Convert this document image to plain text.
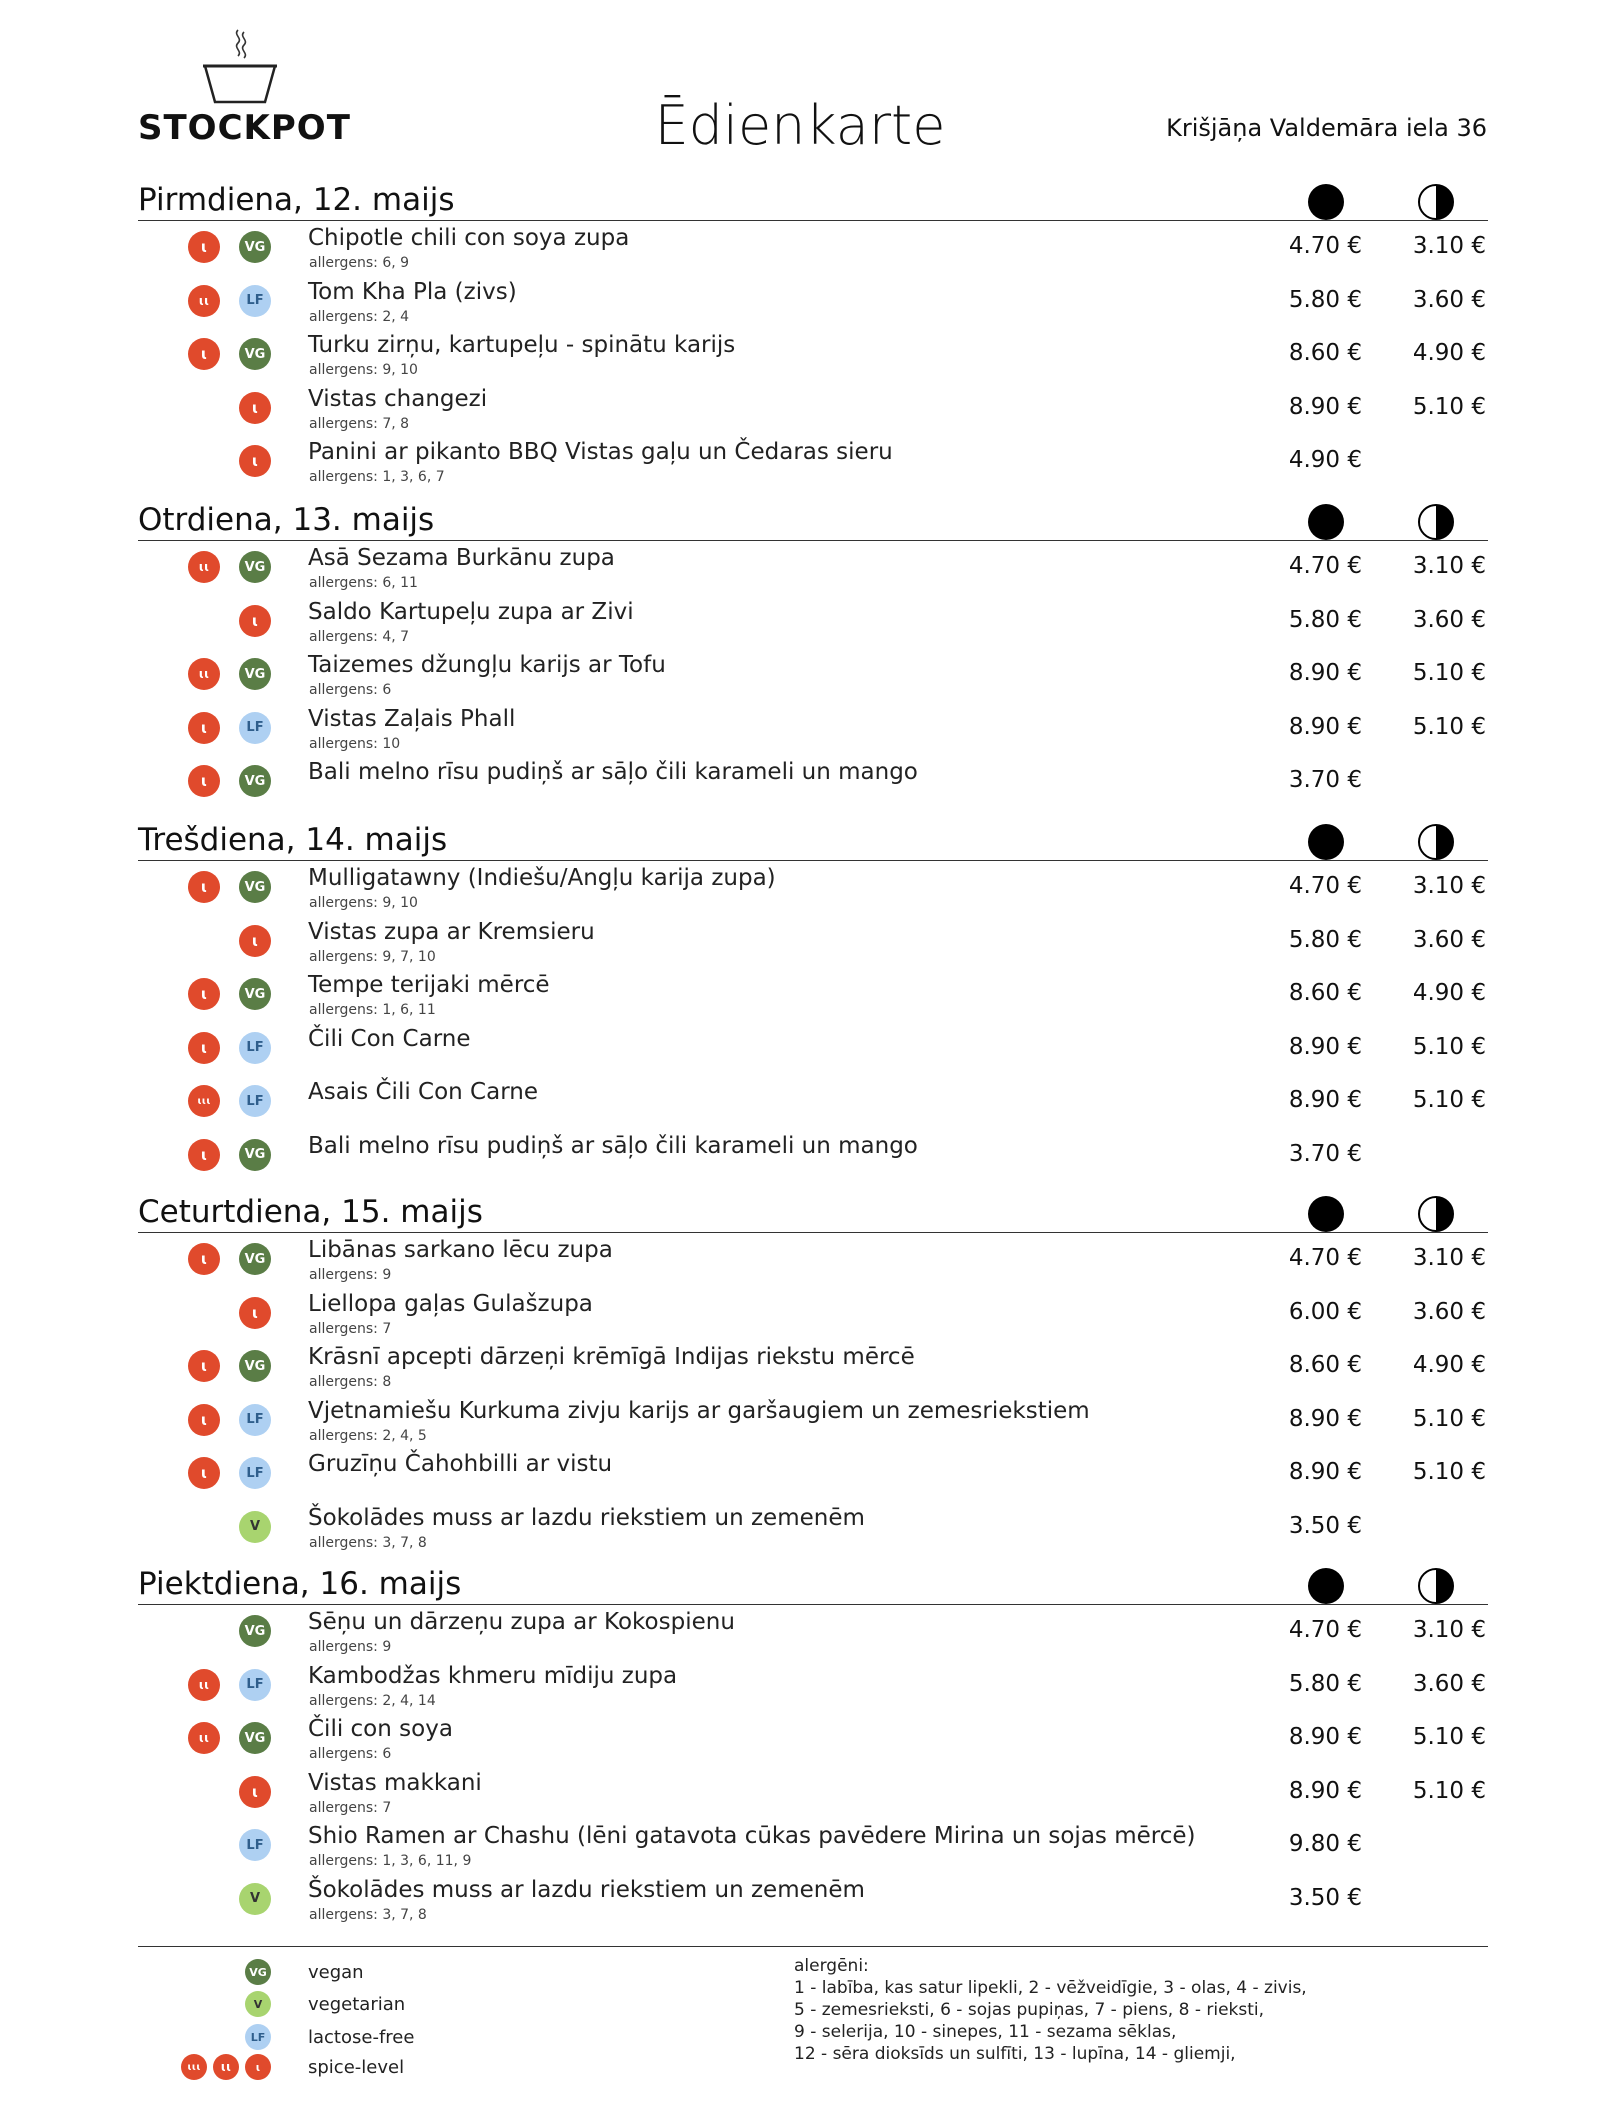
STOCKPOT	Ēdienkarte	Krišjāņa Valdemāra iela 36
Pirmdiena, 12. maijs
ɩ	VG Chipotle chili con soya zupa
allergens: 6, 9
4.70 € 3.10 €
ɩɩ	LF	Tom Kha Pla (zivs)
allergens: 2, 4
5.80 € 3.60 €
ɩ	VG Turku zirņu, kartupeļu - spinātu karijs
allergens: 9, 10
8.60 € 4.90 €
ɩ	Vistas changezi
allergens: 7, 8
8.90 € 5.10 €
ɩ	Panini ar pikanto BBQ Vistas gaļu un Čedaras sieru
allergens: 1, 3, 6, 7
4.90 €
Otrdiena, 13. maijs
ɩɩ	VG Asā Sezama Burkānu zupa
allergens: 6, 11
4.70 € 3.10 €
ɩ	Saldo Kartupeļu zupa ar Zivi
allergens: 4, 7
5.80 € 3.60 €
ɩɩ	VG Taizemes džungļu karijs ar Tofu
allergens: 6
8.90 € 5.10 €
ɩ	LF	Vistas Zaļais Phall
allergens: 10
8.90 € 5.10 €
ɩ	VG Bali melno rīsu pudiņš ar sāļo čili karameli un mango	3.70 €
Trešdiena, 14. maijs
ɩ	VG Mulligatawny (Indiešu/Angļu karija zupa)
allergens: 9, 10
4.70 € 3.10 €
ɩ	Vistas zupa ar Kremsieru
allergens: 9, 7, 10
5.80 € 3.60 €
ɩ	VG Tempe terijaki mērcē
allergens: 1, 6, 11
8.60 € 4.90 €
ɩ	LF	Čili Con Carne	8.90 € 5.10 €
ɩɩɩ	LF	Asais Čili Con Carne	8.90 € 5.10 €
ɩ	VG Bali melno rīsu pudiņš ar sāļo čili karameli un mango	3.70 €
Ceturtdiena, 15. maijs
ɩ	VG Libānas sarkano lēcu zupa
allergens: 9
4.70 € 3.10 €
ɩ	Liellopa gaļas Gulašzupa
allergens: 7
6.00 € 3.60 €
ɩ	VG Krāsnī apcepti dārzeņi krēmīgā Indijas riekstu mērcē
allergens: 8
8.60 € 4.90 €
ɩ	LF	Vjetnamiešu Kurkuma zivju karijs ar garšaugiem un zemesriekstiem
allergens: 2, 4, 5
8.90 € 5.10 €
ɩ	LF	Gruzīņu Čahohbilli ar vistu	8.90 € 5.10 €
V	Šokolādes muss ar lazdu riekstiem un zemenēm
allergens: 3, 7, 8
3.50 €
Piektdiena, 16. maijs
VG Sēņu un dārzeņu zupa ar Kokospienu
allergens: 9
4.70 € 3.10 €
ɩɩ	LF	Kambodžas khmeru mīdiju zupa
allergens: 2, 4, 14
5.80 € 3.60 €
ɩɩ	VG Čili con soya
allergens: 6
8.90 € 5.10 €
ɩ	Vistas makkani
allergens: 7
8.90 € 5.10 €
LF	Shio Ramen ar Chashu (lēni gatavota cūkas pavēdere Mirina un sojas mērcē)
allergens: 1, 3, 6, 11, 9
9.80 €
V	Šokolādes muss ar lazdu riekstiem un zemenēm
allergens: 3, 7, 8
3.50 €
VG vegan
V	vegetarian
LF	lactose-free
ɩɩɩ	ɩɩ	ɩ	spice-level
alergēni:
1 - labība, kas satur lipekli, 2 - vēžveidīgie, 3 - olas, 4 - zivis,
5 - zemesrieksti, 6 - sojas pupiņas, 7 - piens, 8 - rieksti,
9 - selerija, 10 - sinepes, 11 - sezama sēklas,
12 - sēra dioksīds un sulfīti, 13 - lupīna, 14 - gliemji,
